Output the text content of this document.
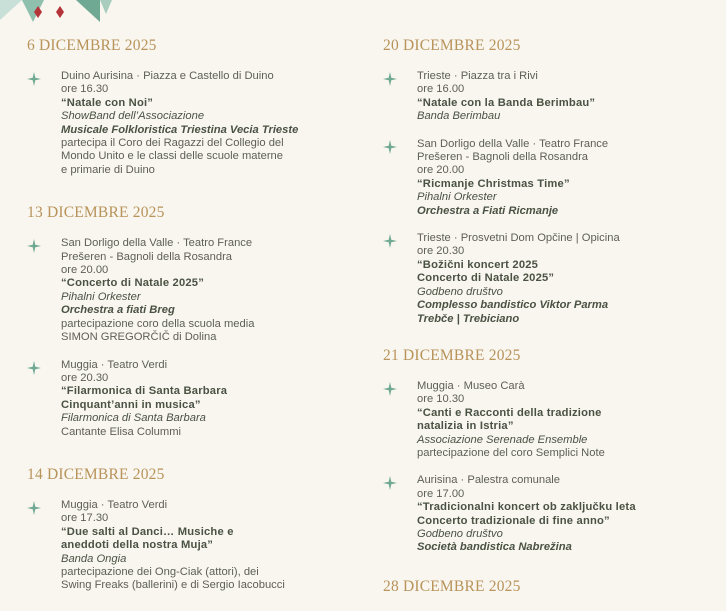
6 DICEMBRE 2025
Duino Aurisina · Piazza e Castello di Duino
ore 16.30
“Natale con Noi”
ShowBand dell’Associazione
Musicale Folkloristica Triestina Vecia Trieste
partecipa il Coro dei Ragazzi del Collegio del
Mondo Unito e le classi delle scuole materne
e primarie di Duino
13 DICEMBRE 2025
San Dorligo della Valle · Teatro France
Prešeren - Bagnoli della Rosandra
ore 20.00
“Concerto di Natale 2025”
Pihalni Orkester
Orchestra a fiati Breg
partecipazione coro della scuola media
SIMON GREGORČIČ di Dolina
Muggia · Teatro Verdi
ore 20.30
“Filarmonica di Santa Barbara
Cinquant’anni in musica”
Filarmonica di Santa Barbara
Cantante Elisa Colummi
14 DICEMBRE 2025
Muggia · Teatro Verdi
ore 17.30
“Due salti al Danci… Musiche e
aneddoti della nostra Muja”
Banda Ongia
partecipazione dei Ong-Ciak (attori), dei
Swing Freaks (ballerini) e di Sergio Iacobucci
20 DICEMBRE 2025
Trieste · Piazza tra i Rivi
ore 16.00
“Natale con la Banda Berimbau”
Banda Berimbau
San Dorligo della Valle · Teatro France
Prešeren - Bagnoli della Rosandra
ore 20.00
“Ricmanje Christmas Time”
Pihalni Orkester
Orchestra a Fiati Ricmanje
Trieste · Prosvetni Dom Opčine | Opicina
ore 20.30
“Božični koncert 2025
Concerto di Natale 2025”
Godbeno društvo
Complesso bandistico Viktor Parma
Trebče | Trebiciano
21 DICEMBRE 2025
Muggia · Museo Carà
ore 10.30
“Canti e Racconti della tradizione
natalizia in Istria”
Associazione Serenade Ensemble
partecipazione del coro Semplici Note
Aurisina · Palestra comunale
ore 17.00
“Tradicionalni koncert ob zaključku leta
Concerto tradizionale di fine anno”
Godbeno društvo
Società bandistica Nabrežina
28 DICEMBRE 2025
